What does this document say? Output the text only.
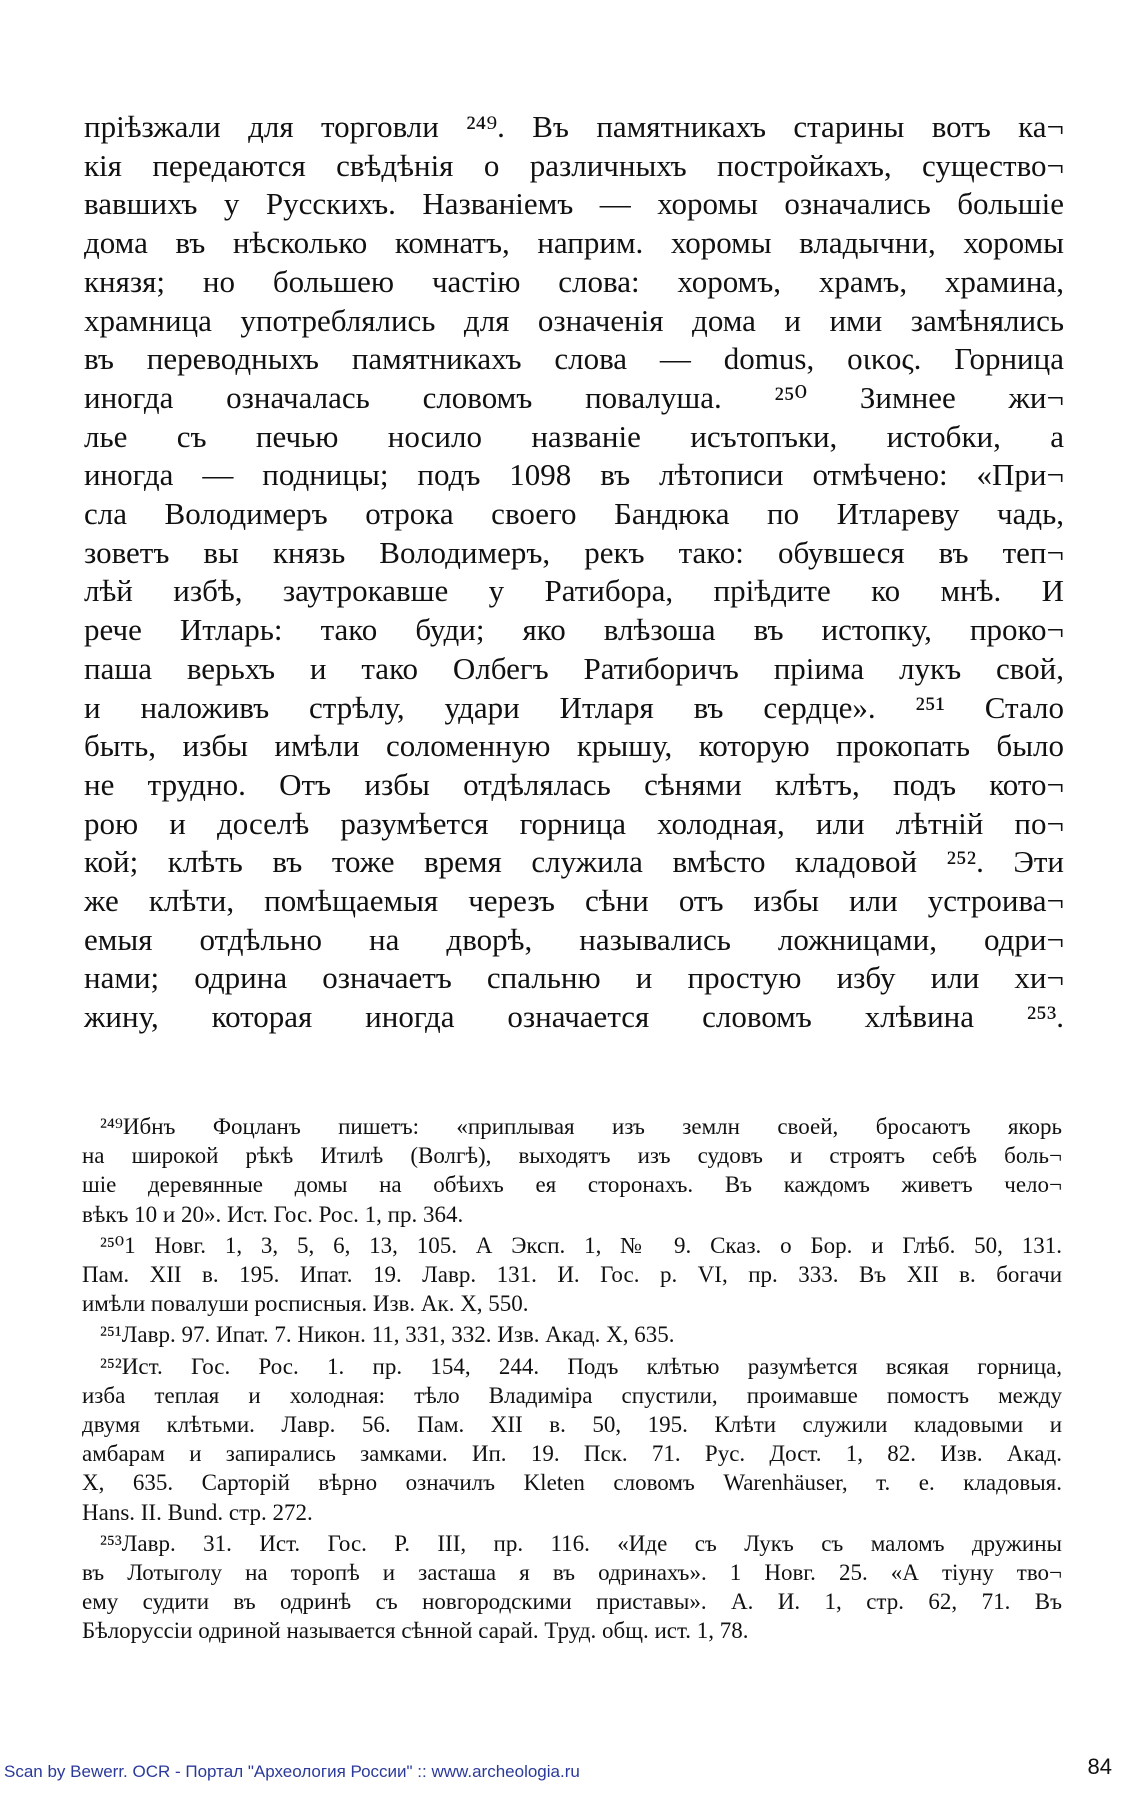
прiѣзжали для торговли ²⁴⁹. Въ памятникахъ старины вотъ ка¬
кiя передаются свѣдѣнiя о различныхъ постройкахъ, существо¬
вавшихъ у Русскихъ. Названiемъ — хоромы означались большiе
дома въ нѣсколько комнатъ, наприм. хоромы владычни, хоромы
князя; но большею частiю слова: хоромъ, храмъ, храмина,
храмница употреблялись для означенiя дома и ими замѣнялись
въ переводныхъ памятникахъ слова — domus, οικος. Горница
иногда означалась словомъ повалуша. ²⁵⁰ Зимнее жи¬
лье съ печью носило названiе исътопъки, истобки, а
иногда — подницы; подъ 1098 въ лѣтописи отмѣчено: «При¬
сла Володимеръ отрока своего Бандюка по Итлареву чадь,
зоветъ вы князь Володимеръ, рекъ тако: обувшеся въ теп¬
лѣй избѣ, заутрокавше у Ратибора, прiѣдите ко мнѣ. И
рече Итларь: тако буди; яко влѣзоша въ истопку, проко¬
паша верьхъ и тако Олбегъ Ратиборичъ прiима лукъ свой,
и наложивъ стрѣлу, удари Итларя въ сердце». ²⁵¹ Стало
быть, избы имѣли соломенную крышу, которую прокопать было
не трудно. Отъ избы отдѣлялась сѣнями клѣтъ, подъ кото¬
рою и доселѣ разумѣется горница холодная, или лѣтнiй по¬
кой; клѣть въ тоже время служила вмѣсто кладовой ²⁵². Эти
же клѣти, помѣщаемыя черезъ сѣни отъ избы или устроива¬
емыя отдѣльно на дворѣ, назывались ложницами, одри¬
нами; одрина означаетъ спальню и простую избу или хи¬
жину, которая иногда означается словомъ хлѣвина ²⁵³.
²⁴⁹Ибнъ Фоцланъ пишетъ: «приплывая изъ землн своей, бросаютъ якорь
на широкой рѣкѣ Итилѣ (Волгѣ), выходятъ изъ судовъ и строятъ себѣ боль¬
шiе деревянные домы на обѣихъ ея сторонахъ. Въ каждомъ живетъ чело¬
вѣкъ 10 и 20». Ист. Гос. Рос. 1, пр. 364.
²⁵⁰1 Новг. 1, 3, 5, 6, 13, 105. А Эксп. 1, № 9. Сказ. о Бор. и Глѣб. 50, 131.
Пам. XII в. 195. Ипат. 19. Лавр. 131. И. Гос. р. VI, пр. 333. Въ XII в. богачи
имѣли повалуши росписныя. Изв. Ак. X, 550.
²⁵¹Лавр. 97. Ипат. 7. Никон. 11, 331, 332. Изв. Акад. X, 635.
²⁵²Ист. Гос. Рос. 1. пр. 154, 244. Подъ клѣтью разумѣется всякая горница,
изба теплая и холодная: тѣло Владимiра спустили, проимавше помостъ между
двумя клѣтьми. Лавр. 56. Пам. XII в. 50, 195. Клѣти служили кладовыми и
амбарам и запирались замками. Ип. 19. Пск. 71. Рус. Дост. 1, 82. Изв. Акад.
X, 635. Сарторiй вѣрно означилъ Kleten словомъ Warenhäuser, т. е. кладовыя.
Hans. II. Bund. стр. 272.
²⁵³Лавр. 31. Ист. Гос. Р. III, пр. 116. «Иде съ Лукъ съ маломъ дружины
въ Лотыголу на торопѣ и засташа я въ одринахъ». 1 Новг. 25. «А тiуну тво¬
ему судити въ одринѣ съ новгородскими приставы». А. И. 1, стр. 62, 71. Въ
Бѣлоруссiи одриной называется сѣнной сарай. Труд. общ. ист. 1, 78.
Scan by Bewerr. OCR - Портал "Археология России" :: www.archeologia.ru	84
